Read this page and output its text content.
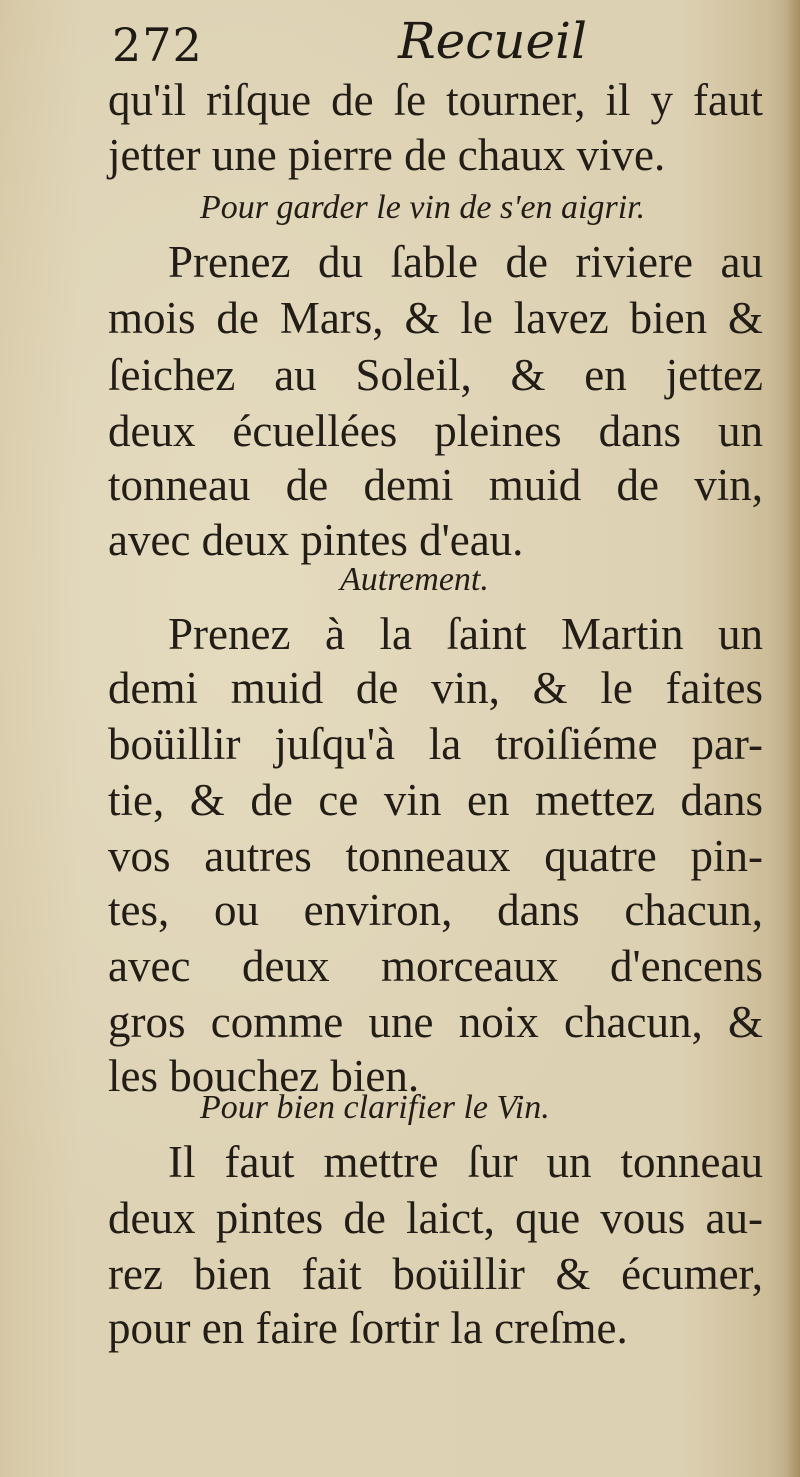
272	Recueil
qu'il riſque de ſe tourner, il y faut
jetter une pierre de chaux vive.
Pour garder le vin de s'en aigrir.
Prenez du ſable de riviere au
mois de Mars, & le lavez bien &
ſeichez au Soleil, & en jettez
deux écuellées pleines dans un
tonneau de demi muid de vin,
avec deux pintes d'eau.
Autrement.
Prenez à la ſaint Martin un
demi muid de vin, & le faites
boüillir juſqu'à la troiſiéme par-
tie, & de ce vin en mettez dans
vos autres tonneaux quatre pin-
tes, ou environ, dans chacun,
avec deux morceaux d'encens
gros comme une noix chacun, &
les bouchez bien.
Pour bien clarifier le Vin.
Il faut mettre ſur un tonneau
deux pintes de laict, que vous au-
rez bien fait boüillir & écumer,
pour en faire ſortir la creſme.
